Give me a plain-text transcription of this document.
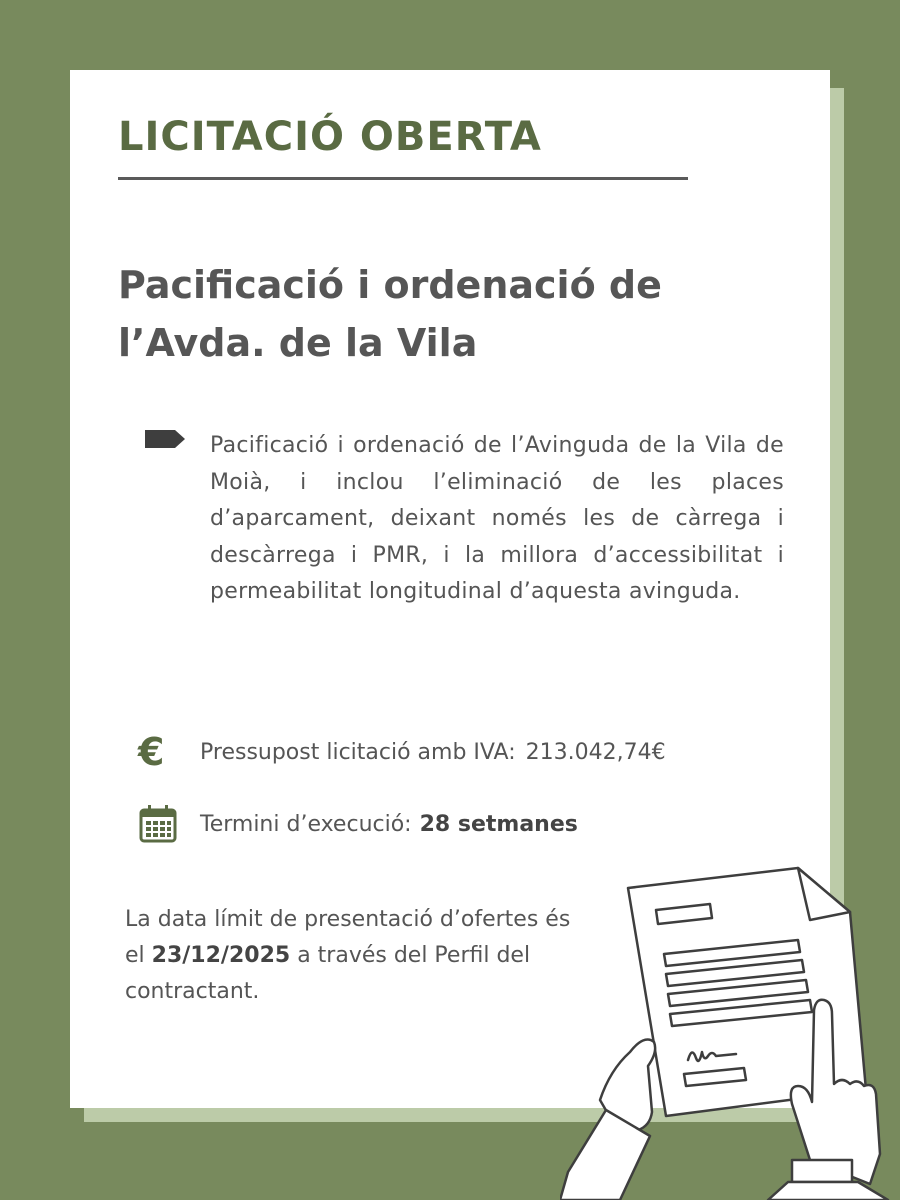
LICITACIÓ OBERTA
Pacificació i ordenació de l’Avda. de la Vila

Pacificació i ordenació de l’Avinguda de la Vila de Moià, i inclou l’eliminació de les places d’aparcament, deixant només les de càrrega i descàrrega i PMR, i la millora d’accessibilitat i permeabilitat longitudinal d’aquesta avinguda.

€	Pressupost licitació amb IVA: 213.042,74€
Termini d’execució: 28 setmanes

La data límit de presentació d’ofertes és el 23/12/2025 a través del Perfil del contractant.
